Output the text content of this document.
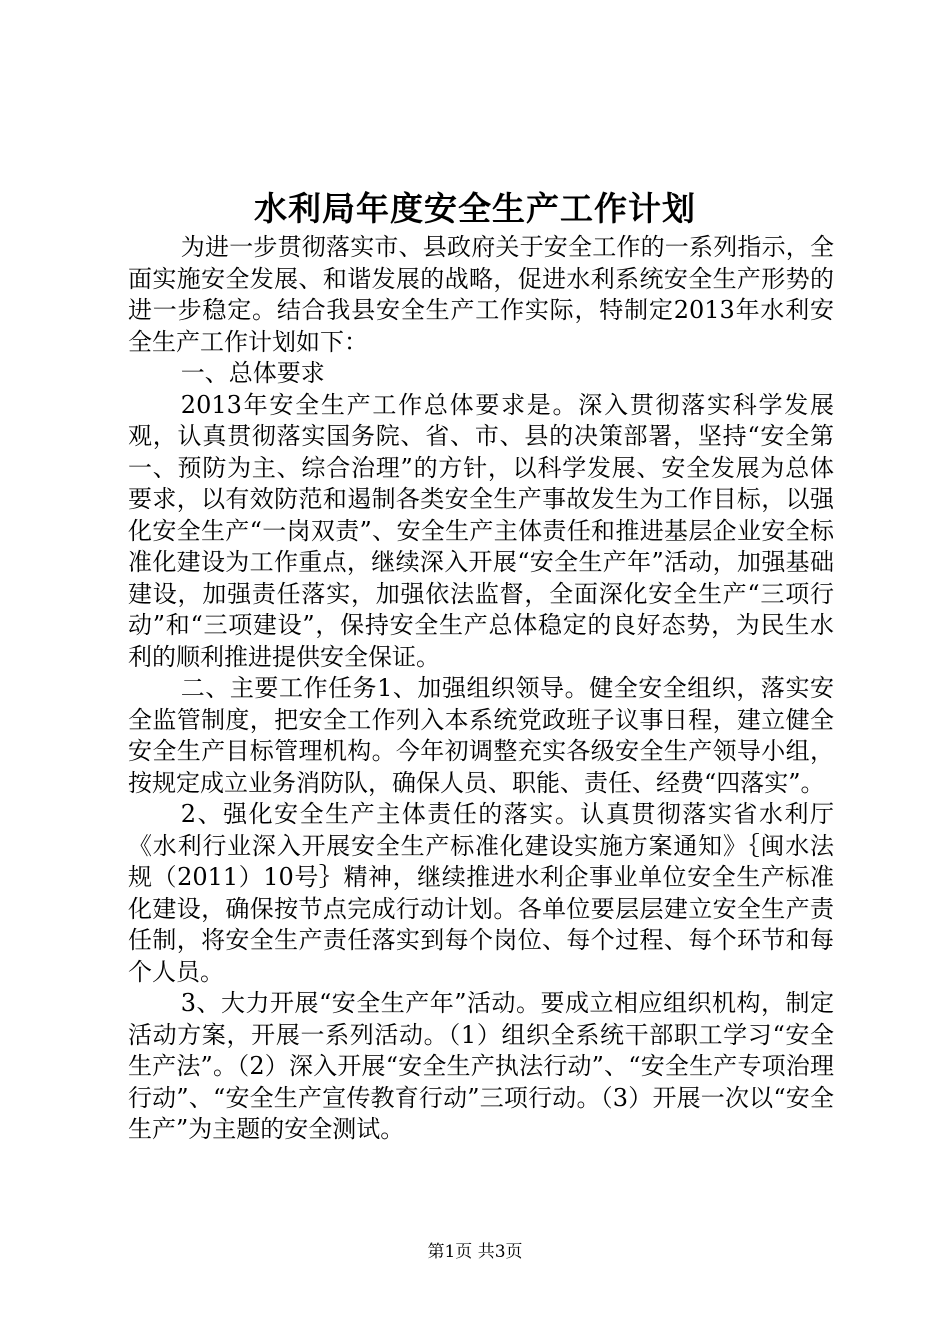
水利局年度安全生产工作计划

为进一步贯彻落实市、县政府关于安全工作的一系列指示，全面实施安全发展、和谐发展的战略，促进水利系统安全生产形势的进一步稳定。结合我县安全生产工作实际，特制定2013年水利安全生产工作计划如下：

一、总体要求

2013年安全生产工作总体要求是。深入贯彻落实科学发展观，认真贯彻落实国务院、省、市、县的决策部署，坚持“安全第一、预防为主、综合治理”的方针，以科学发展、安全发展为总体要求，以有效防范和遏制各类安全生产事故发生为工作目标，以强化安全生产“一岗双责”、安全生产主体责任和推进基层企业安全标准化建设为工作重点，继续深入开展“安全生产年”活动，加强基础建设，加强责任落实，加强依法监督，全面深化安全生产“三项行动”和“三项建设”，保持安全生产总体稳定的良好态势，为民生水利的顺利推进提供安全保证。

二、主要工作任务1、加强组织领导。健全安全组织，落实安全监管制度，把安全工作列入本系统党政班子议事日程，建立健全安全生产目标管理机构。今年初调整充实各级安全生产领导小组，按规定成立业务消防队，确保人员、职能、责任、经费“四落实”。

2、强化安全生产主体责任的落实。认真贯彻落实省水利厅《水利行业深入开展安全生产标准化建设实施方案通知》｛闽水法规（2011）10号｝精神，继续推进水利企事业单位安全生产标准化建设，确保按节点完成行动计划。各单位要层层建立安全生产责任制，将安全生产责任落实到每个岗位、每个过程、每个环节和每个人员。

3、大力开展“安全生产年”活动。要成立相应组织机构，制定活动方案，开展一系列活动。（1）组织全系统干部职工学习“安全生产法”。（2）深入开展“安全生产执法行动”、“安全生产专项治理行动”、“安全生产宣传教育行动”三项行动。（3）开展一次以“安全生产”为主题的安全测试。

第1页 共3页
